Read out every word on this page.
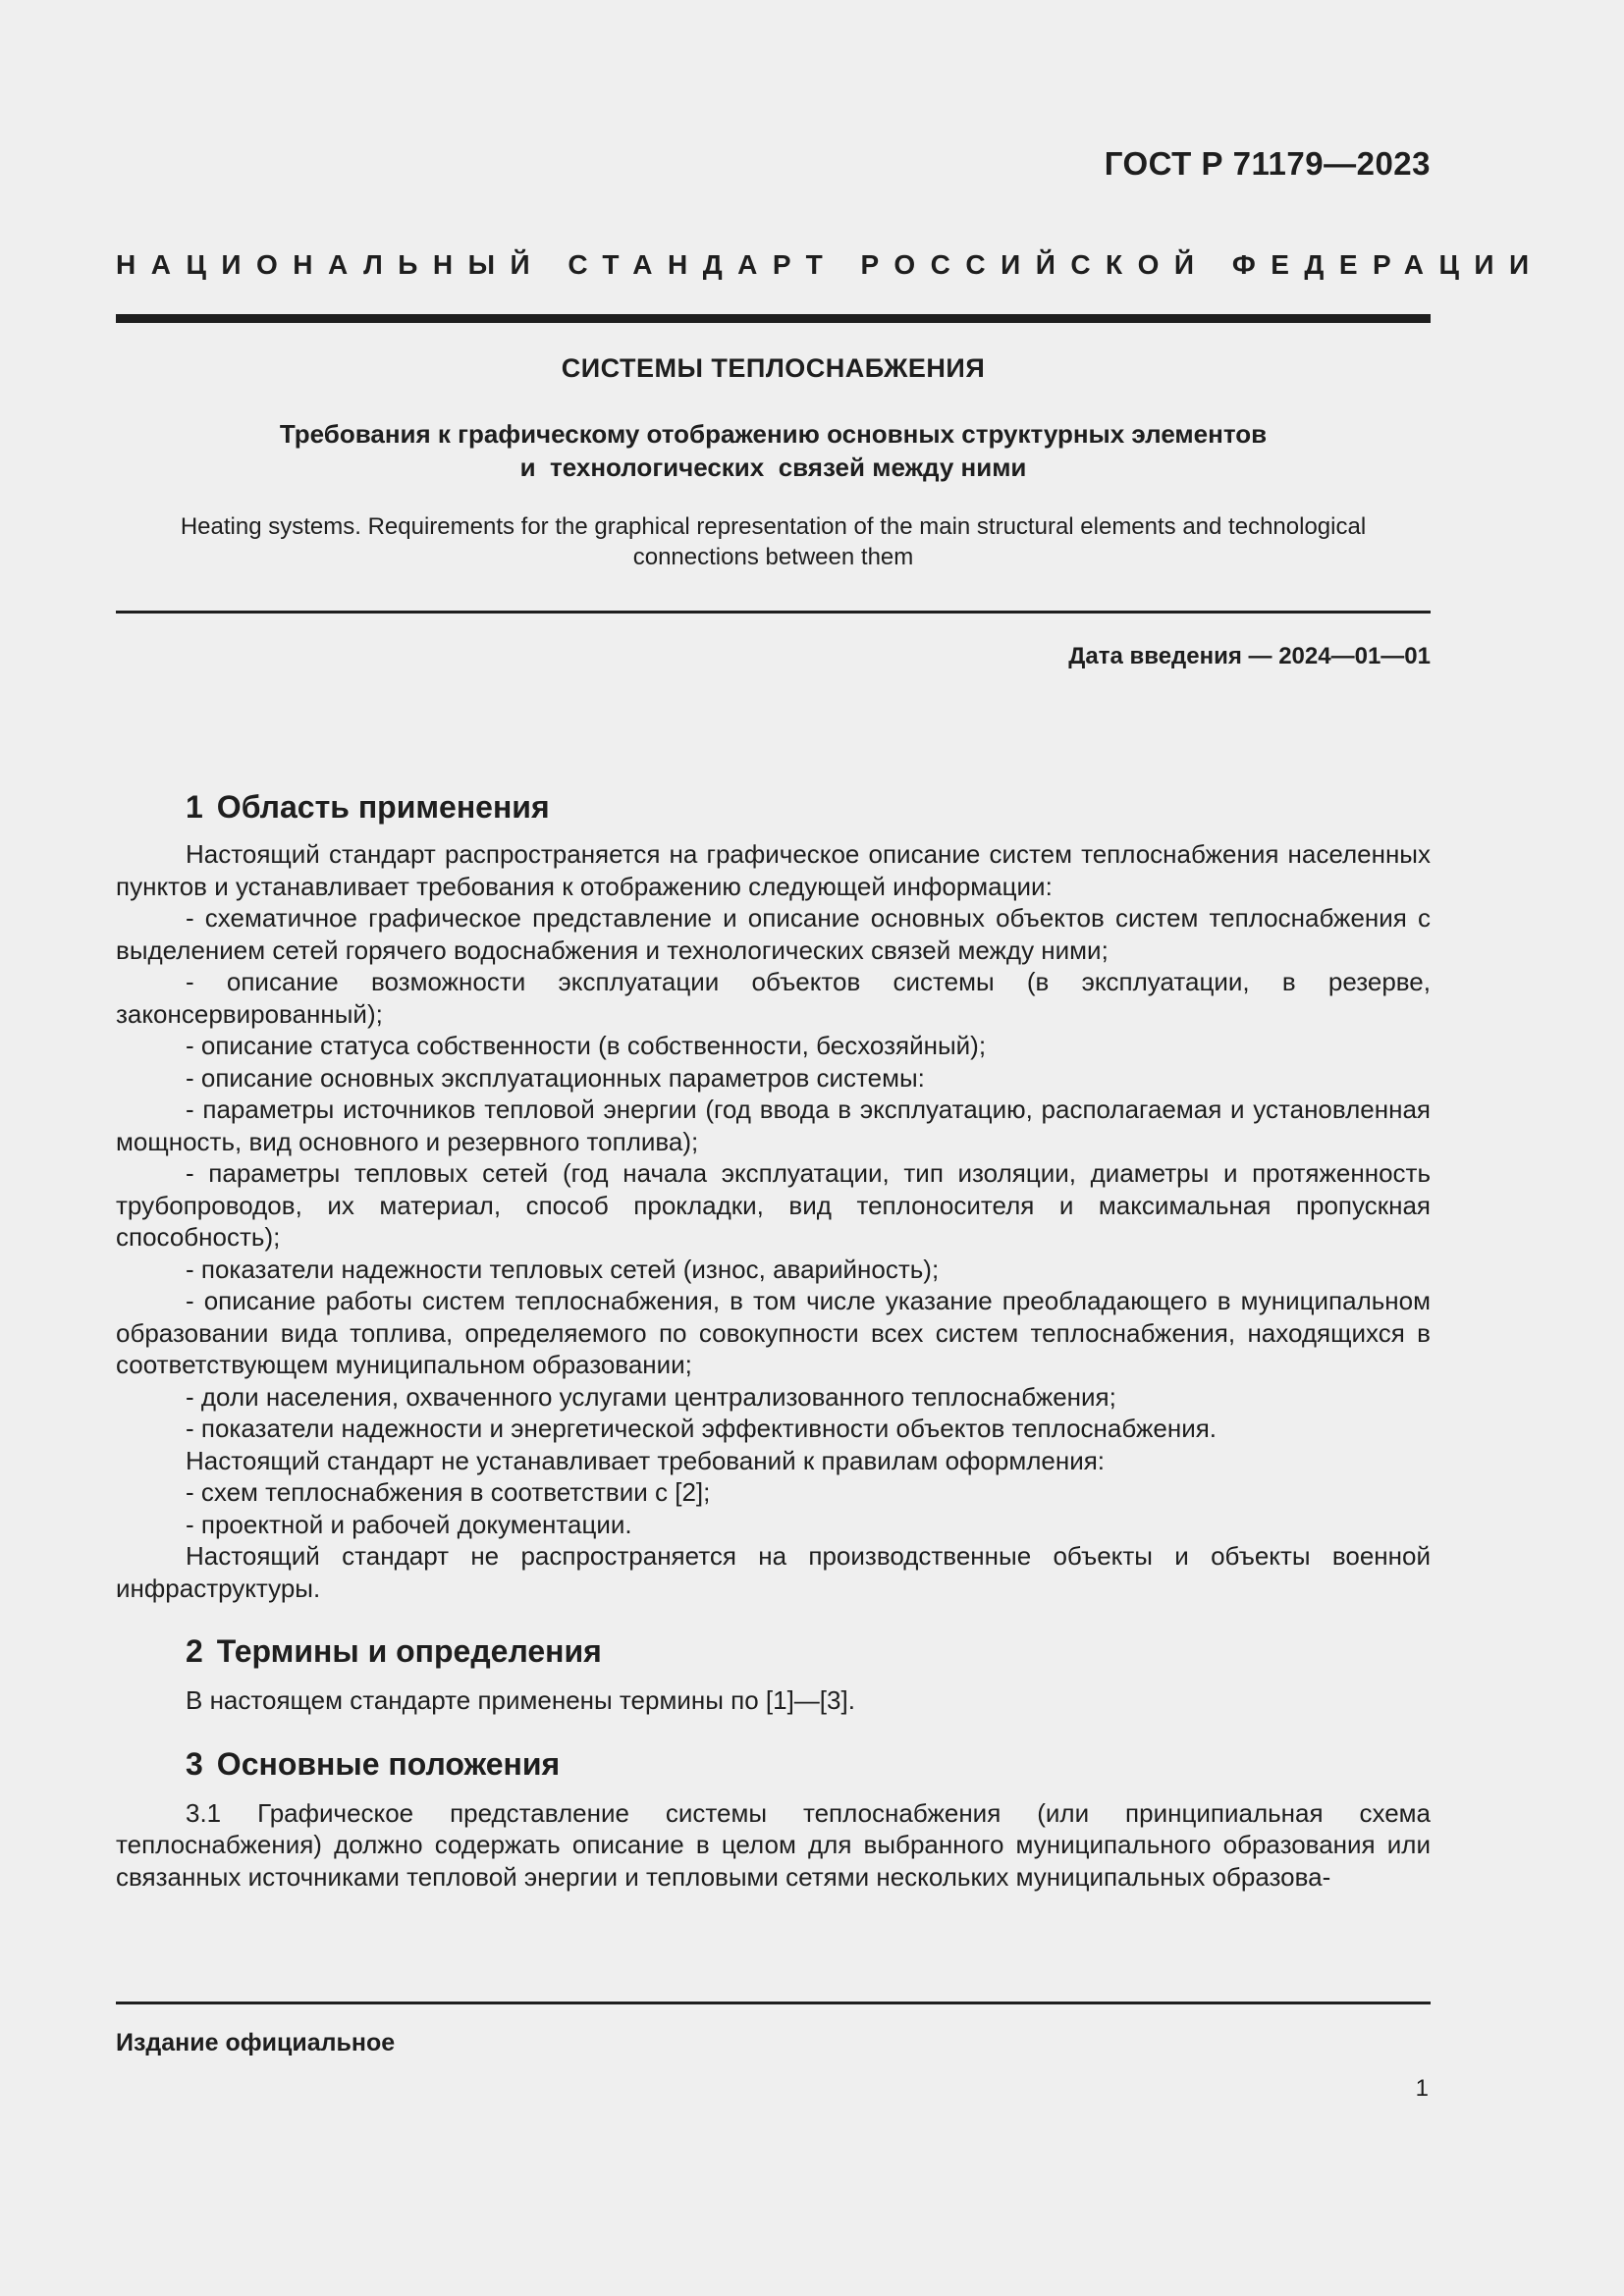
ГОСТ Р 71179—2023
НАЦИОНАЛЬНЫЙ СТАНДАРТ РОССИЙСКОЙ ФЕДЕРАЦИИ
СИСТЕМЫ ТЕПЛОСНАБЖЕНИЯ
Требования к графическому отображению основных структурных элементов
и  технологических  связей между ними
Heating systems. Requirements for the graphical representation of the main structural elements and technological
connections between them
Дата введения — 2024—01—01
1 Область применения

Настоящий стандарт распространяется на графическое описание систем теплоснабжения населенных пунктов и устанавливает требования к отображению следующей информации:

- схематичное графическое представление и описание основных объектов систем теплоснабжения с выделением сетей горячего водоснабжения и технологических связей между ними;

- описание возможности эксплуатации объектов системы (в эксплуатации, в резерве, законсервированный);

- описание статуса собственности (в собственности, бесхозяйный);

- описание основных эксплуатационных параметров системы:

- параметры источников тепловой энергии (год ввода в эксплуатацию, располагаемая и установленная мощность, вид основного и резервного топлива);

- параметры тепловых сетей (год начала эксплуатации, тип изоляции, диаметры и протяженность трубопроводов, их материал, способ прокладки, вид теплоносителя и максимальная пропускная способность);

- показатели надежности тепловых сетей (износ, аварийность);

- описание работы систем теплоснабжения, в том числе указание преобладающего в муниципальном образовании вида топлива, определяемого по совокупности всех систем теплоснабжения, находящихся в соответствующем муниципальном образовании;

- доли населения, охваченного услугами централизованного теплоснабжения;

- показатели надежности и энергетической эффективности объектов теплоснабжения.

Настоящий стандарт не устанавливает требований к правилам оформления:

- схем теплоснабжения в соответствии с [2];

- проектной и рабочей документации.

Настоящий стандарт не распространяется на производственные объекты и объекты военной инфраструктуры.

2 Термины и определения

В настоящем стандарте применены термины по [1]—[3].

3 Основные положения

3.1 Графическое представление системы теплоснабжения (или принципиальная схема теплоснабжения) должно содержать описание в целом для выбранного муниципального образования или связанных источниками тепловой энергии и тепловыми сетями нескольких муниципальных образова-

Издание официальное
1
